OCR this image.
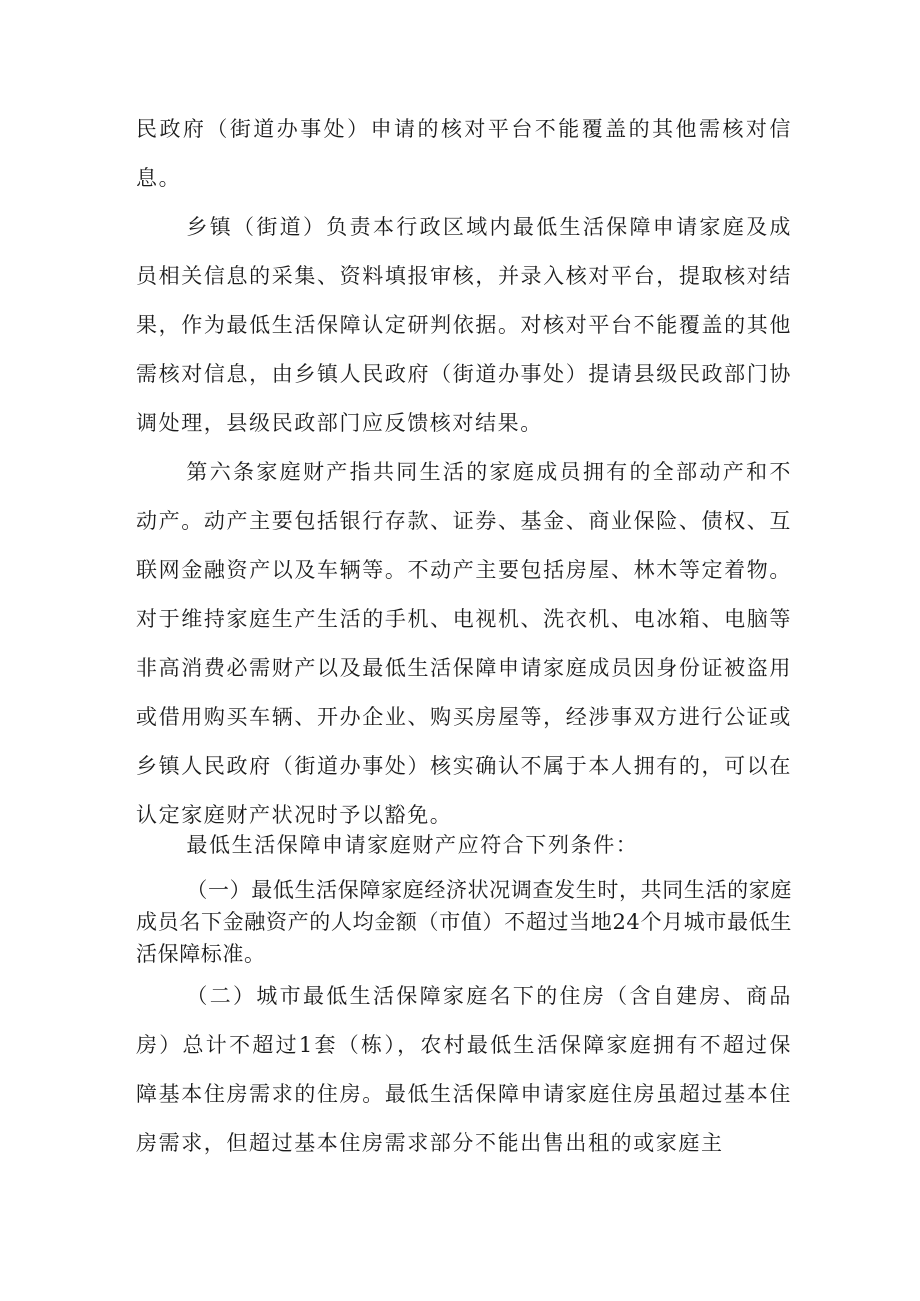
民政府（街道办事处）申请的核对平台不能覆盖的其他需核对信息。

乡镇（街道）负责本行政区域内最低生活保障申请家庭及成员相关信息的采集、资料填报审核，并录入核对平台，提取核对结果，作为最低生活保障认定研判依据。对核对平台不能覆盖的其他需核对信息，由乡镇人民政府（街道办事处）提请县级民政部门协调处理，县级民政部门应反馈核对结果。

第六条家庭财产指共同生活的家庭成员拥有的全部动产和不动产。动产主要包括银行存款、证券、基金、商业保险、债权、互联网金融资产以及车辆等。不动产主要包括房屋、林木等定着物。对于维持家庭生产生活的手机、电视机、洗衣机、电冰箱、电脑等非高消费必需财产以及最低生活保障申请家庭成员因身份证被盗用或借用购买车辆、开办企业、购买房屋等，经涉事双方进行公证或乡镇人民政府（街道办事处）核实确认不属于本人拥有的，可以在认定家庭财产状况时予以豁免。

最低生活保障申请家庭财产应符合下列条件：

（一）最低生活保障家庭经济状况调查发生时，共同生活的家庭成员名下金融资产的人均金额（市值）不超过当地24个月城市最低生活保障标准。

（二）城市最低生活保障家庭名下的住房（含自建房、商品房）总计不超过1套（栋），农村最低生活保障家庭拥有不超过保障基本住房需求的住房。最低生活保障申请家庭住房虽超过基本住房需求，但超过基本住房需求部分不能出售出租的或家庭主
